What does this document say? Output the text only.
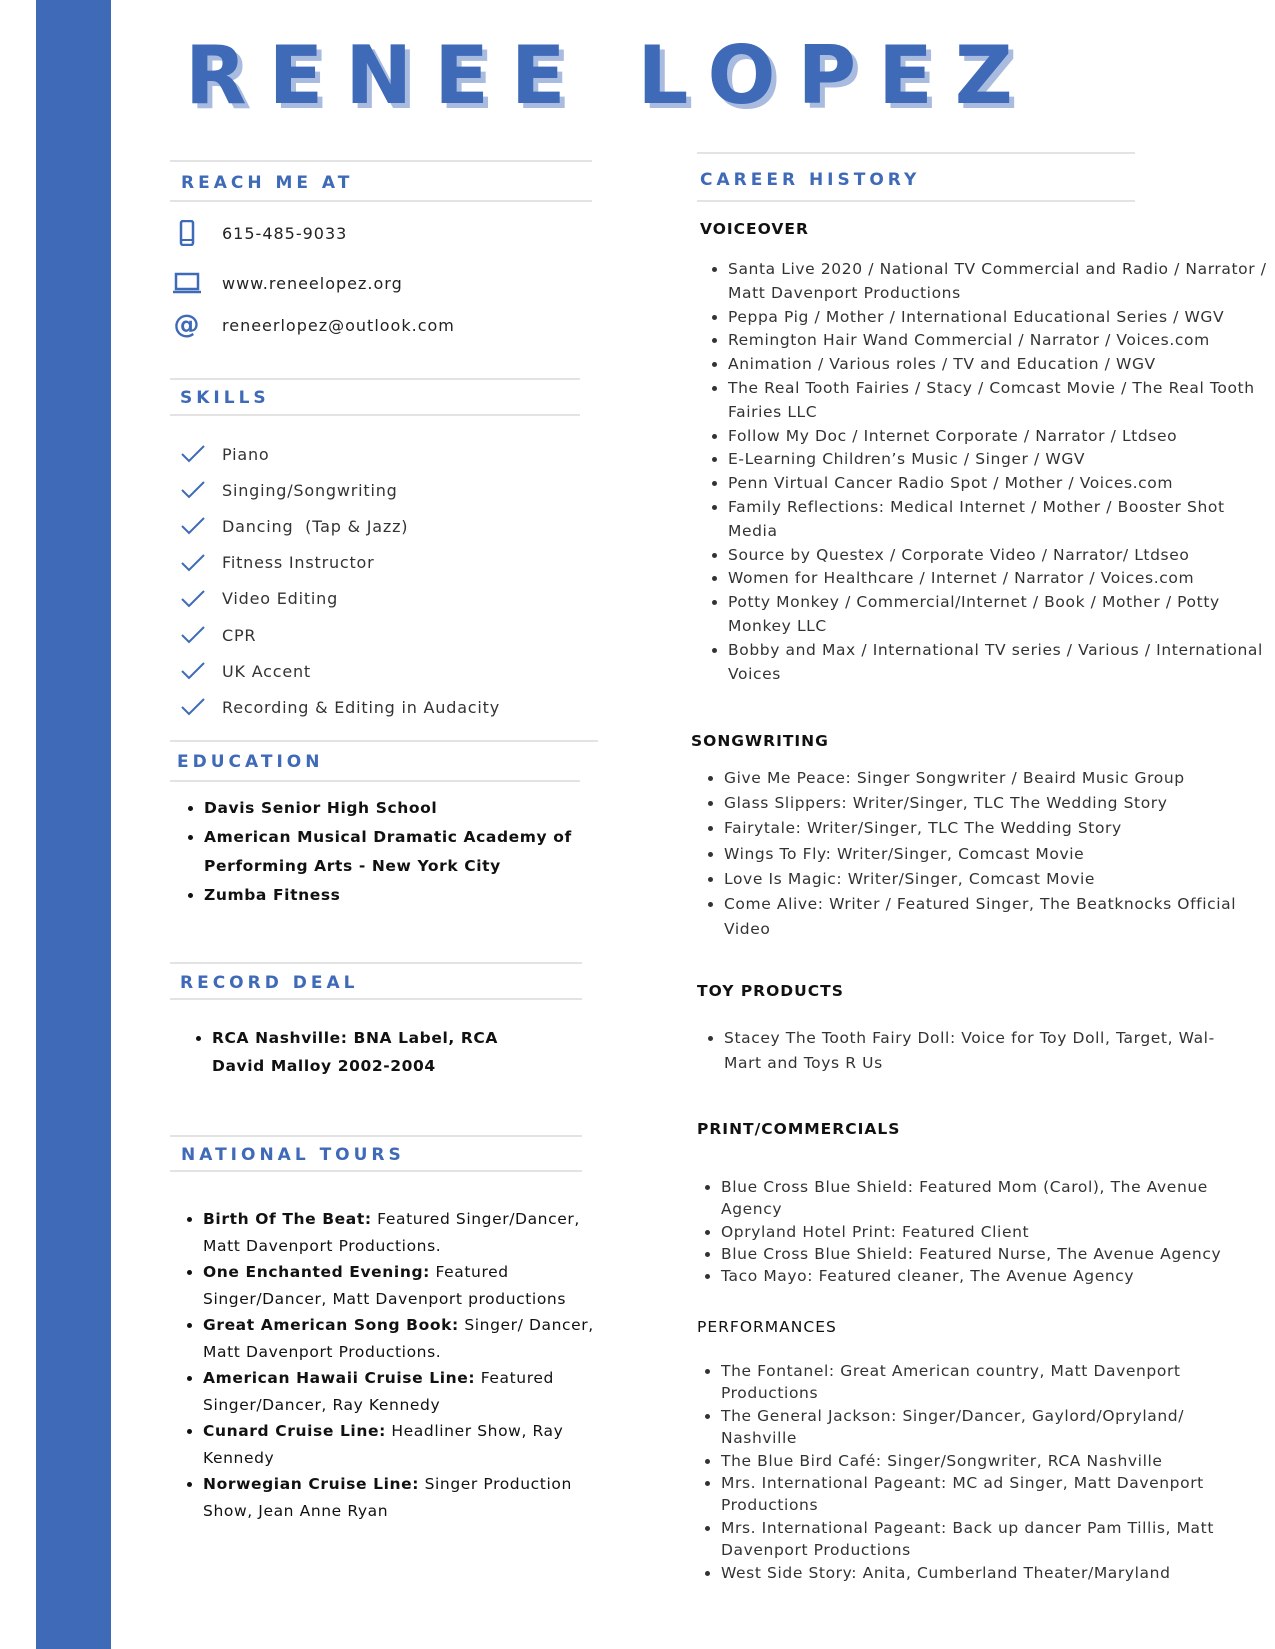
RENEE LOPEZ
REACH ME AT
615-485-9033
www.reneelopez.org
@ reneerlopez@outlook.com
SKILLS
Piano
Singing/Songwriting
Dancing  (Tap & Jazz)
Fitness Instructor
Video Editing
CPR
UK Accent
Recording & Editing in Audacity
EDUCATION
• Davis Senior High School
• American Musical Dramatic Academy of Performing Arts - New York City
• Zumba Fitness
RECORD DEAL
• RCA Nashville: BNA Label, RCA David Malloy 2002-2004
NATIONAL TOURS
• Birth Of The Beat: Featured Singer/Dancer, Matt Davenport Productions.
• One Enchanted Evening: Featured Singer/Dancer, Matt Davenport productions
• Great American Song Book: Singer/ Dancer, Matt Davenport Productions.
• American Hawaii Cruise Line: Featured Singer/Dancer, Ray Kennedy
• Cunard Cruise Line: Headliner Show, Ray Kennedy
• Norwegian Cruise Line: Singer Production Show, Jean Anne Ryan
CAREER HISTORY
VOICEOVER
• Santa Live 2020 / National TV Commercial and Radio / Narrator / Matt Davenport Productions
• Peppa Pig / Mother / International Educational Series / WGV
• Remington Hair Wand Commercial / Narrator / Voices.com
• Animation / Various roles / TV and Education / WGV
• The Real Tooth Fairies / Stacy / Comcast Movie / The Real Tooth Fairies LLC
• Follow My Doc / Internet Corporate / Narrator / Ltdseo
• E-Learning Children’s Music / Singer / WGV
• Penn Virtual Cancer Radio Spot / Mother / Voices.com
• Family Reflections: Medical Internet / Mother / Booster Shot Media
• Source by Questex / Corporate Video / Narrator/ Ltdseo
• Women for Healthcare / Internet / Narrator / Voices.com
• Potty Monkey / Commercial/Internet / Book / Mother / Potty Monkey LLC
• Bobby and Max / International TV series / Various / International Voices
SONGWRITING
• Give Me Peace: Singer Songwriter / Beaird Music Group
• Glass Slippers: Writer/Singer, TLC The Wedding Story
• Fairytale: Writer/Singer, TLC The Wedding Story
• Wings To Fly: Writer/Singer, Comcast Movie
• Love Is Magic: Writer/Singer, Comcast Movie
• Come Alive: Writer / Featured Singer, The Beatknocks Official Video
TOY PRODUCTS
• Stacey The Tooth Fairy Doll: Voice for Toy Doll, Target, Wal-Mart and Toys R Us
PRINT/COMMERCIALS
• Blue Cross Blue Shield: Featured Mom (Carol), The Avenue Agency
• Opryland Hotel Print: Featured Client
• Blue Cross Blue Shield: Featured Nurse, The Avenue Agency
• Taco Mayo: Featured cleaner, The Avenue Agency
PERFORMANCES
• The Fontanel: Great American country, Matt Davenport Productions
• The General Jackson: Singer/Dancer, Gaylord/Opryland/ Nashville
• The Blue Bird Café: Singer/Songwriter, RCA Nashville
• Mrs. International Pageant: MC ad Singer, Matt Davenport Productions
• Mrs. International Pageant: Back up dancer Pam Tillis, Matt Davenport Productions
• West Side Story: Anita, Cumberland Theater/Maryland
